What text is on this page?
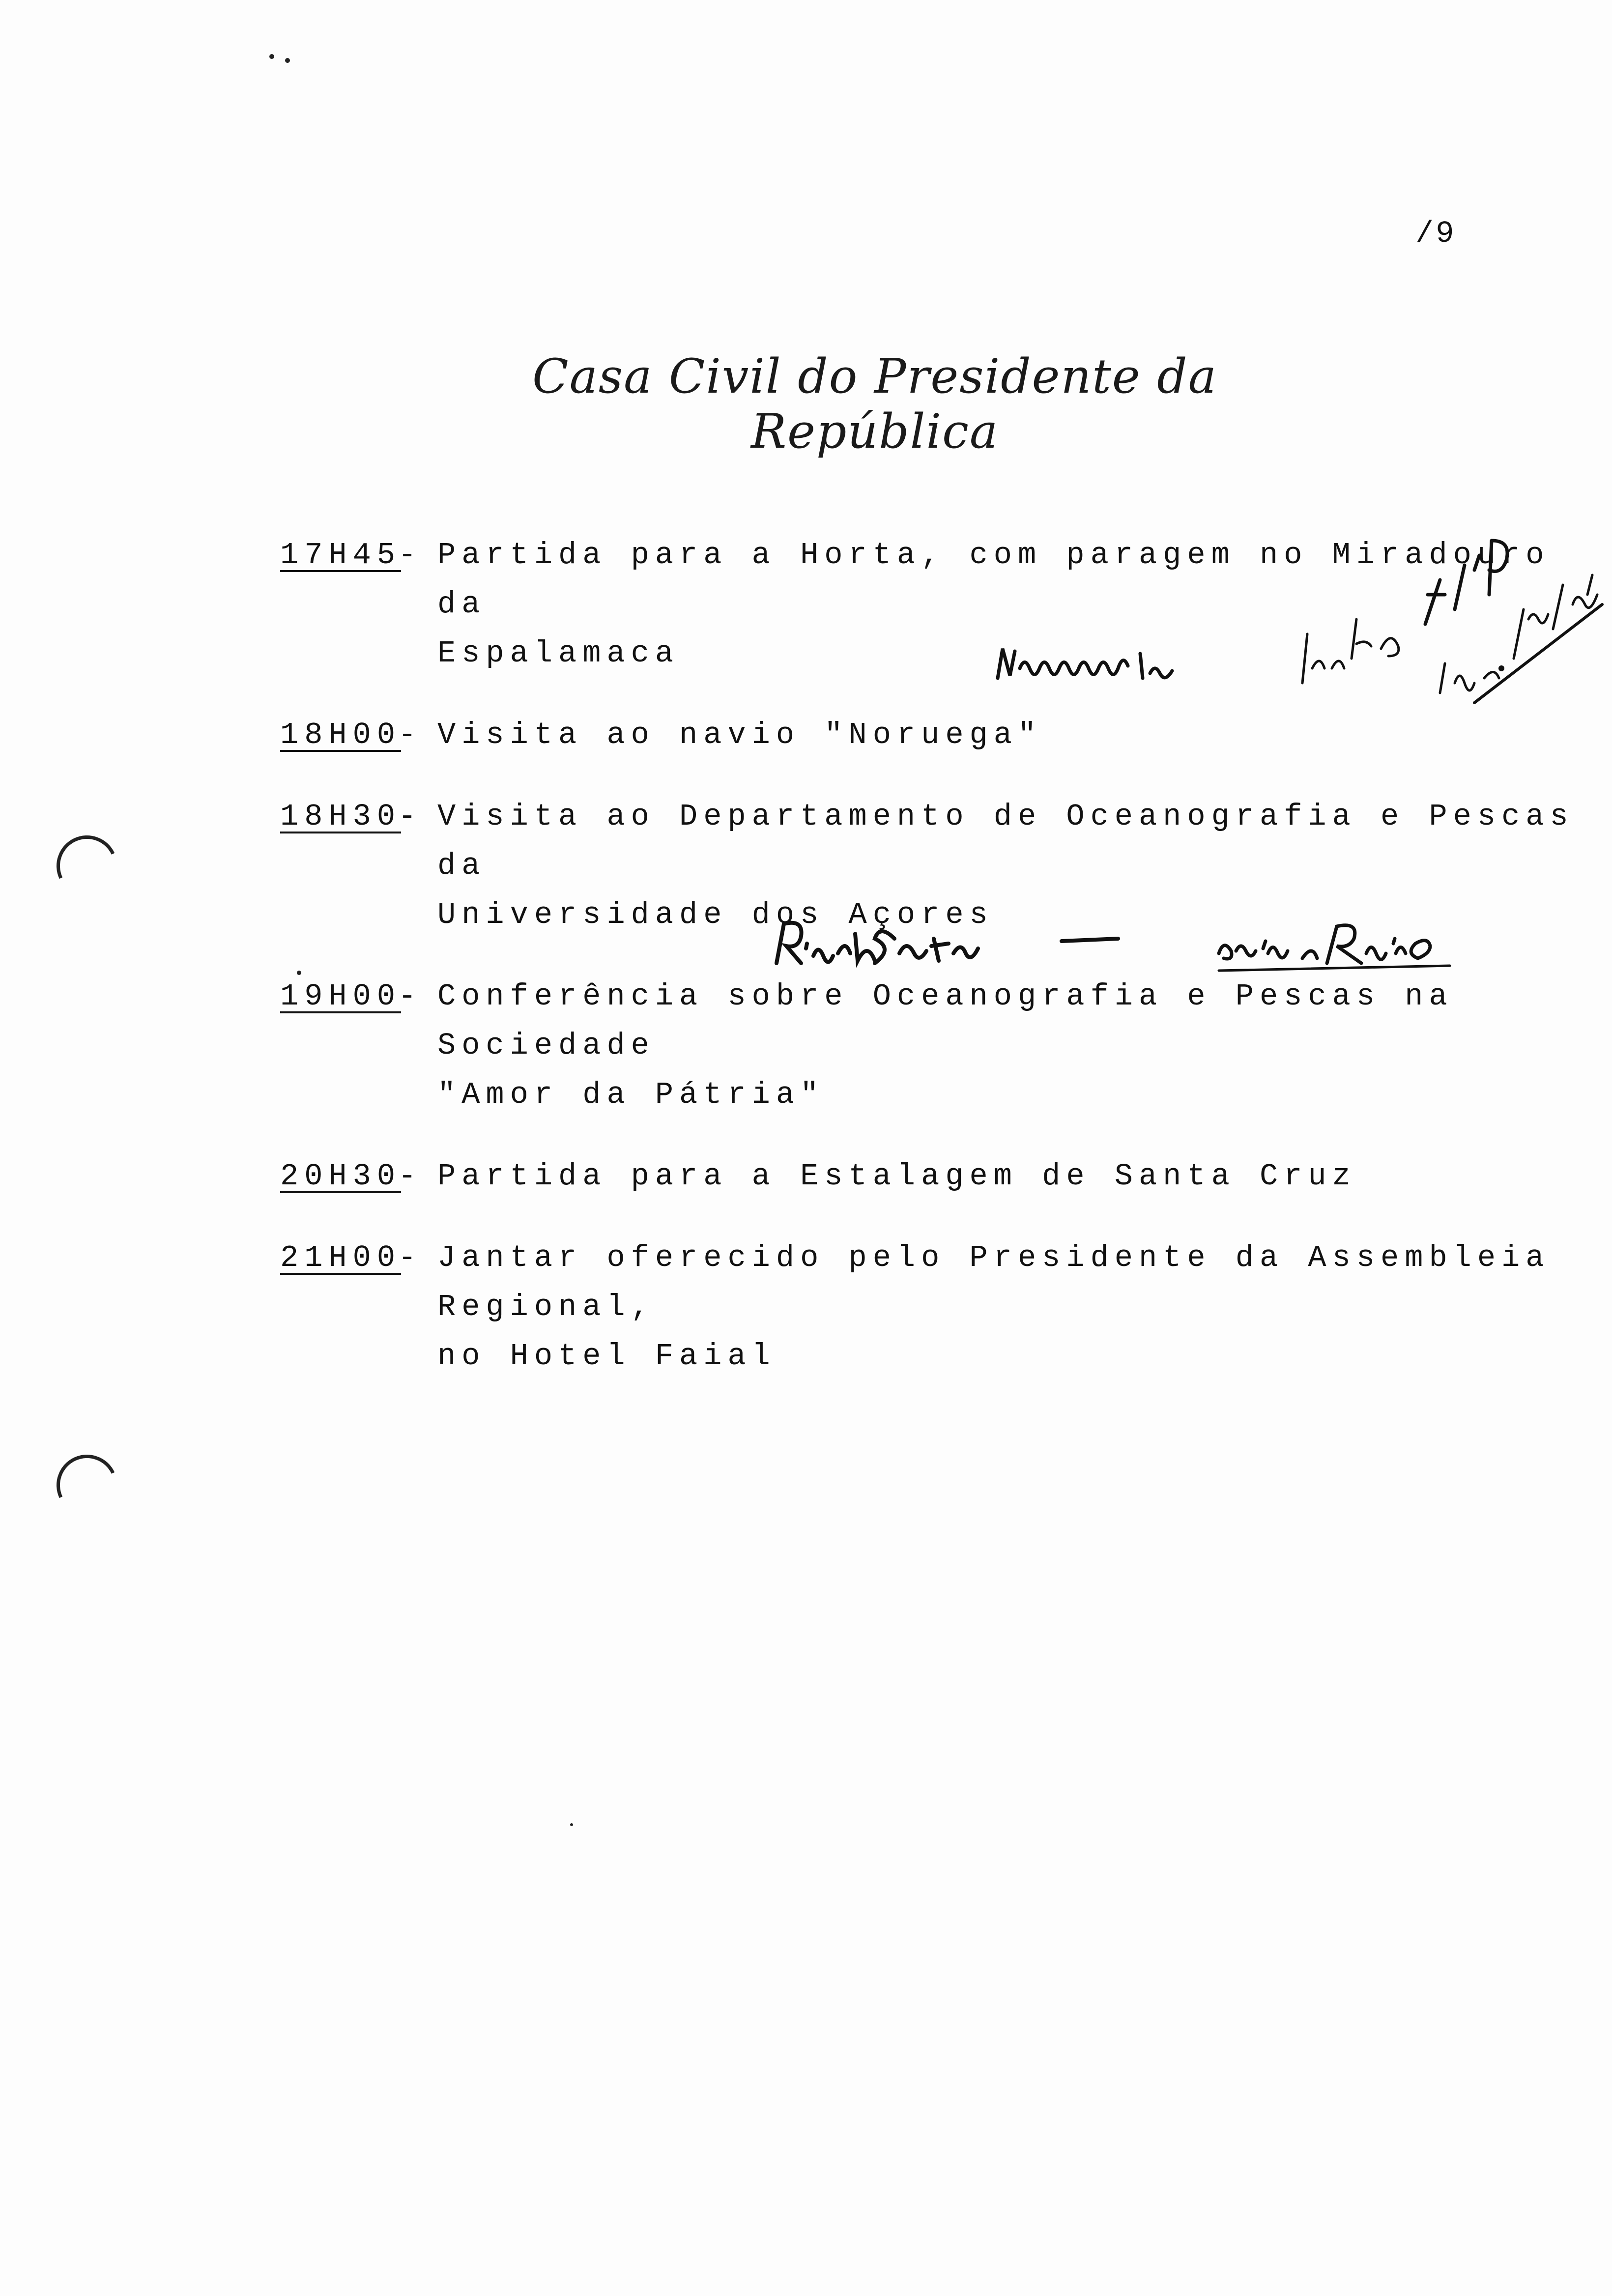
/9
Casa Civil do Presidente da República
17H45
- Partida para a Horta, com paragem no Miradouro da
Espalamaca
18H00
- Visita ao navio "Noruega"
18H30
- Visita ao Departamento de Oceanografia e Pescas da
Universidade dos Açores
19H00
- Conferência sobre Oceanografia e Pescas na Sociedade
"Amor da Pátria"
20H30
- Partida para a Estalagem de Santa Cruz
21H00
- Jantar oferecido pelo Presidente da Assembleia Regional,
no Hotel Faial
